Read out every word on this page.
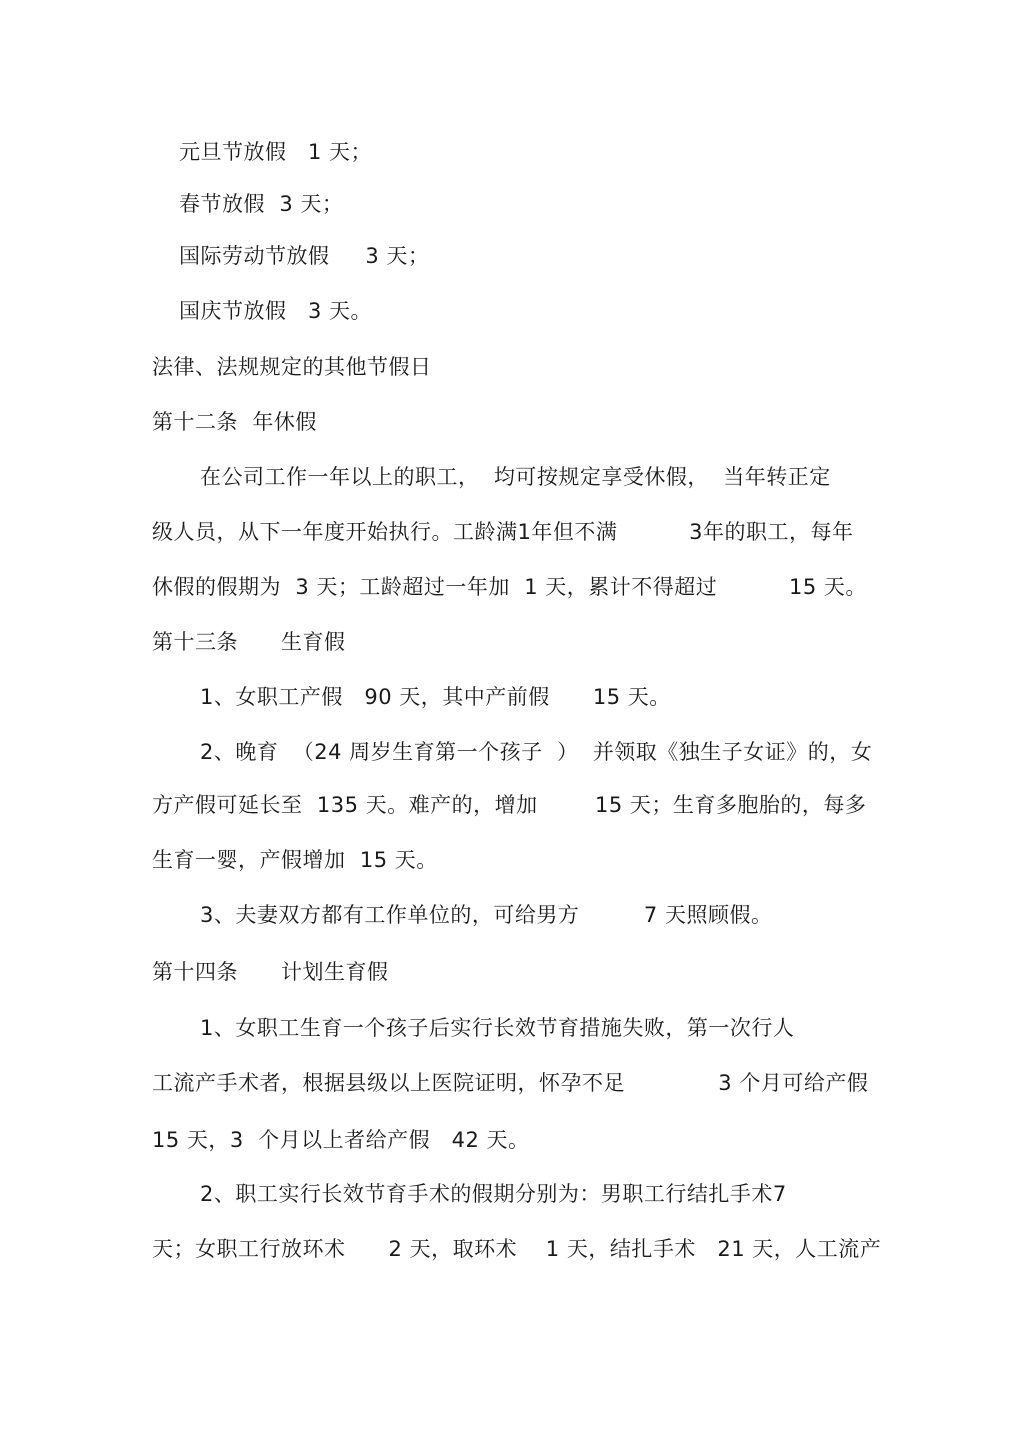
元旦节放假　1 天；
春节放假  3 天；
国际劳动节放假　  3 天；
国庆节放假　3 天。
法律、法规规定的其他节假日
第十二条  年休假
在公司工作一年以上的职工，  均可按规定享受休假，  当年转正定
级人员，从下一年度开始执行。工龄满1年但不满          3年的职工，每年
休假的假期为  3 天；工龄超过一年加  1 天，累计不得超过          15 天。
第十三条　   生育假
1、女职工产假   90 天，其中产前假      15 天。
2、晚育  （24 周岁生育第一个孩子  ）  并领取《独生子女证》的，女
方产假可延长至  135 天。难产的，增加        15 天；生育多胞胎的，每多
生育一婴，产假增加  15 天。
3、夫妻双方都有工作单位的，可给男方         7 天照顾假。
第十四条　   计划生育假
1、女职工生育一个孩子后实行长效节育措施失败，第一次行人
工流产手术者，根据县级以上医院证明，怀孕不足             3 个月可给产假
15 天，3  个月以上者给产假   42 天。
2、职工实行长效节育手术的假期分别为：男职工行结扎手术7
天；女职工行放环术      2 天，取环术    1 天，结扎手术   21 天，人工流产
